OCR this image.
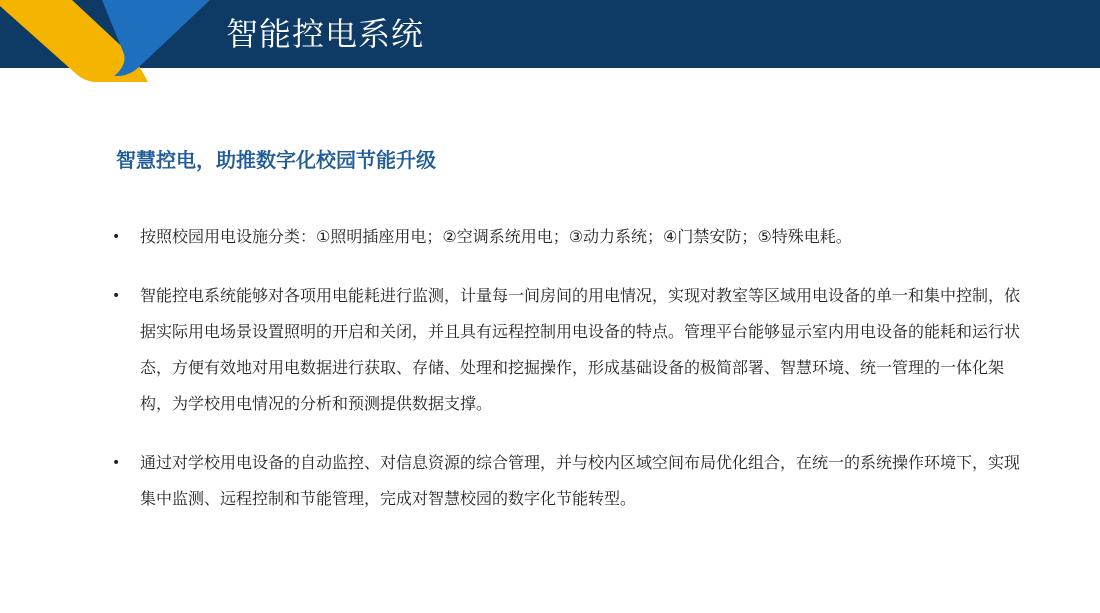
智能控电系统
智慧控电，助推数字化校园节能升级
•	按照校园用电设施分类：①照明插座用电；②空调系统用电；③动力系统；④门禁安防；⑤特殊电耗。
•	智能控电系统能够对各项用电能耗进行监测，计量每一间房间的用电情况，实现对教室等区域用电设备的单一和集中控制，依据实际用电场景设置照明的开启和关闭，并且具有远程控制用电设备的特点。管理平台能够显示室内用电设备的能耗和运行状态，方便有效地对用电数据进行获取、存储、处理和挖掘操作，形成基础设备的极简部署、智慧环境、统一管理的一体化架构，为学校用电情况的分析和预测提供数据支撑。
•	通过对学校用电设备的自动监控、对信息资源的综合管理，并与校内区域空间布局优化组合，在统一的系统操作环境下，实现集中监测、远程控制和节能管理，完成对智慧校园的数字化节能转型。
